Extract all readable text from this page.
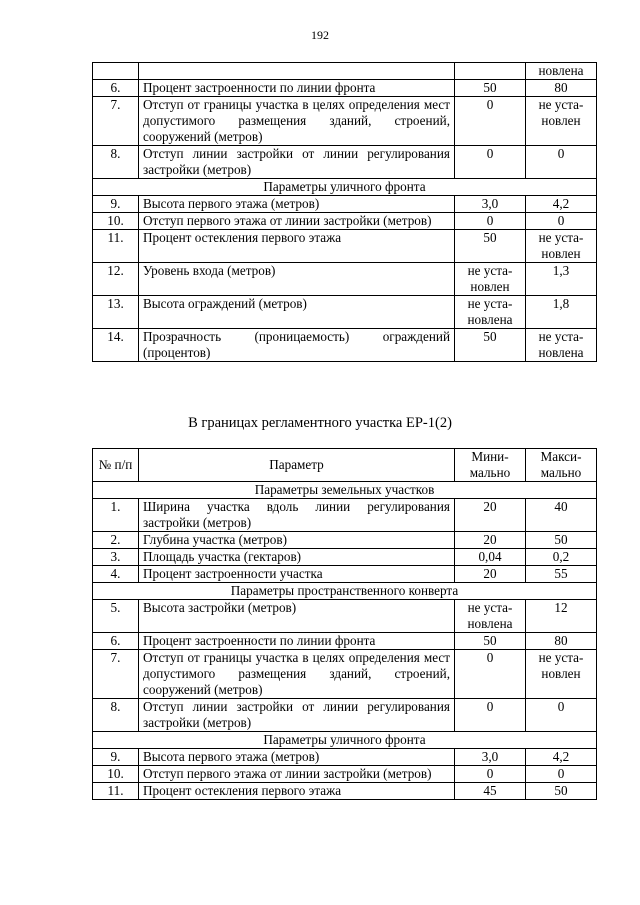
192
			новлена
6.	Процент застроенности по линии фронта	50	80
7.	Отступ от границы участка в целях определения мест допустимого размещения зданий, строений, сооружений (метров)	0	не уста- новлен
8.	Отступ линии застройки от линии регулирования застройки (метров)	0	0
Параметры уличного фронта			
9.	Высота первого этажа (метров)	3,0	4,2
10.	Отступ первого этажа от линии застройки (метров)	0	0
11.	Процент остекления первого этажа	50	не уста- новлен
12.	Уровень входа (метров)	не уста- новлен	1,3
13.	Высота ограждений (метров)	не уста- новлена	1,8
14.	Прозрачность (проницаемость) ограждений (процентов)	50	не уста- новлена
В границах регламентного участка ЕР-1(2)
№ п/п	Параметр	Мини- мально	Макси- мально
Параметры земельных участков			
1.	Ширина участка вдоль линии регулирования застройки (метров)	20	40
2.	Глубина участка (метров)	20	50
3.	Площадь участка (гектаров)	0,04	0,2
4.	Процент застроенности участка	20	55
Параметры пространственного конверта			
5.	Высота застройки (метров)	не уста- новлена	12
6.	Процент застроенности по линии фронта	50	80
7.	Отступ от границы участка в целях определения мест допустимого размещения зданий, строений, сооружений (метров)	0	не уста- новлен
8.	Отступ линии застройки от линии регулирования застройки (метров)	0	0
Параметры уличного фронта			
9.	Высота первого этажа (метров)	3,0	4,2
10.	Отступ первого этажа от линии застройки (метров)	0	0
11.	Процент остекления первого этажа	45	50
